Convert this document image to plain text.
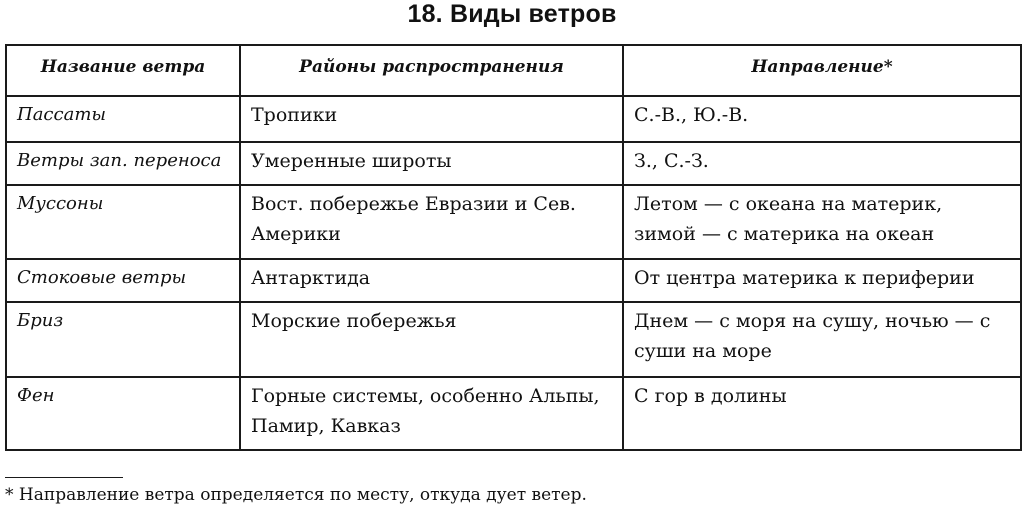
18. Виды ветров
Название ветра	Районы распространения	Направление*
Пассаты	Тропики	С.-В., Ю.-В.
Ветры зап. переноса	Умеренные широты	З., С.-З.
Муссоны	Вост. побережье Евразии и Сев. Америки	Летом — с океана на материк, зимой — с материка на океан
Стоковые ветры	Антарктида	От центра материка к периферии
Бриз	Морские побережья	Днем — с моря на сушу, ночью — с суши на море
Фен	Горные системы, особенно Альпы, Памир, Кавказ	С гор в долины
* Направление ветра определяется по месту, откуда дует ветер.
